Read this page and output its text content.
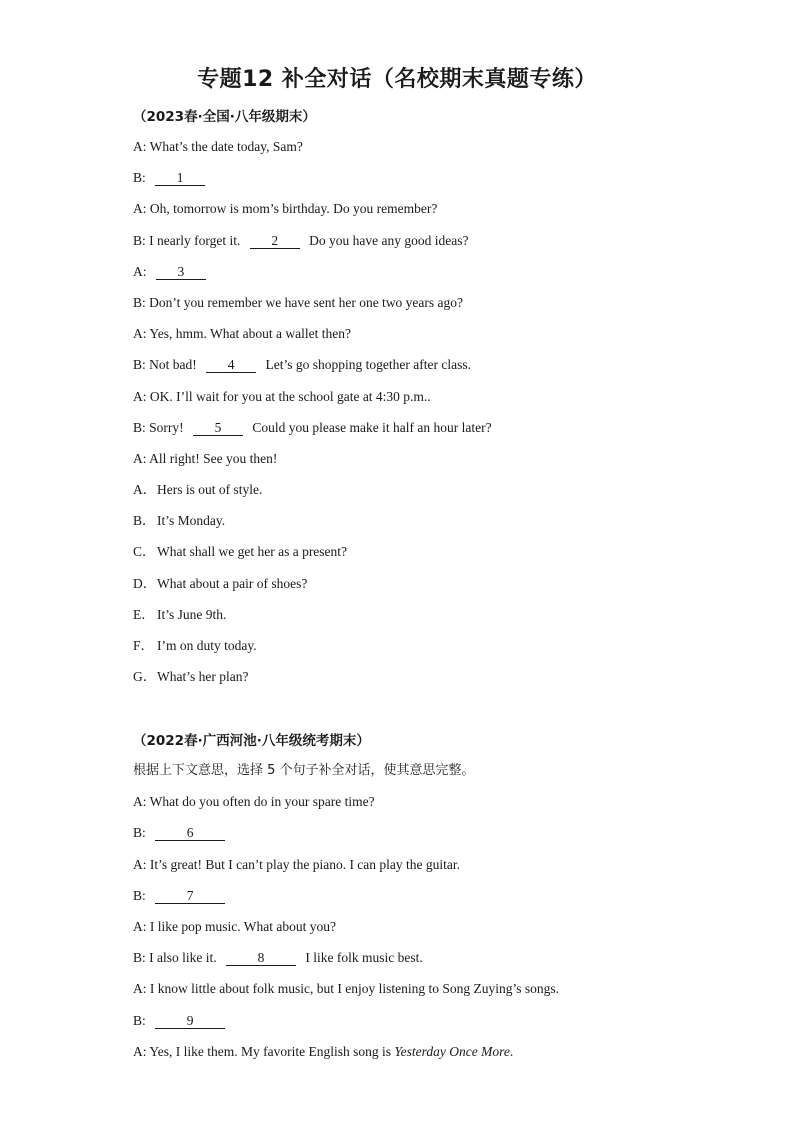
专题12 补全对话（名校期末真题专练）
（2023春·全国·八年级期末）
A: What’s the date today, Sam?
B: 1
A: Oh, tomorrow is mom’s birthday. Do you remember?
B: I nearly forget it. 2 Do you have any good ideas?
A: 3
B: Don’t you remember we have sent her one two years ago?
A: Yes, hmm. What about a wallet then?
B: Not bad! 4 Let’s go shopping together after class.
A: OK. I’ll wait for you at the school gate at 4:30 p.m..
B: Sorry! 5 Could you please make it half an hour later?
A: All right! See you then!
A．Hers is out of style.
B．It’s Monday.
C．What shall we get her as a present?
D．What about a pair of shoes?
E． It’s June 9th.
F． I’m on duty today.
G．What’s her plan?
（2022春·广西河池·八年级统考期末）
根据上下文意思，选择 5 个句子补全对话，使其意思完整。
A: What do you often do in your spare time?
B:	6
A: It’s great! But I can’t play the piano. I can play the guitar.
B:	7
A: I like pop music. What about you?
B: I also like it.	8	I like folk music best.
A: I know little about folk music, but I enjoy listening to Song Zuying’s songs.
B:	9
A: Yes, I like them. My favorite English song is Yesterday Once More.
